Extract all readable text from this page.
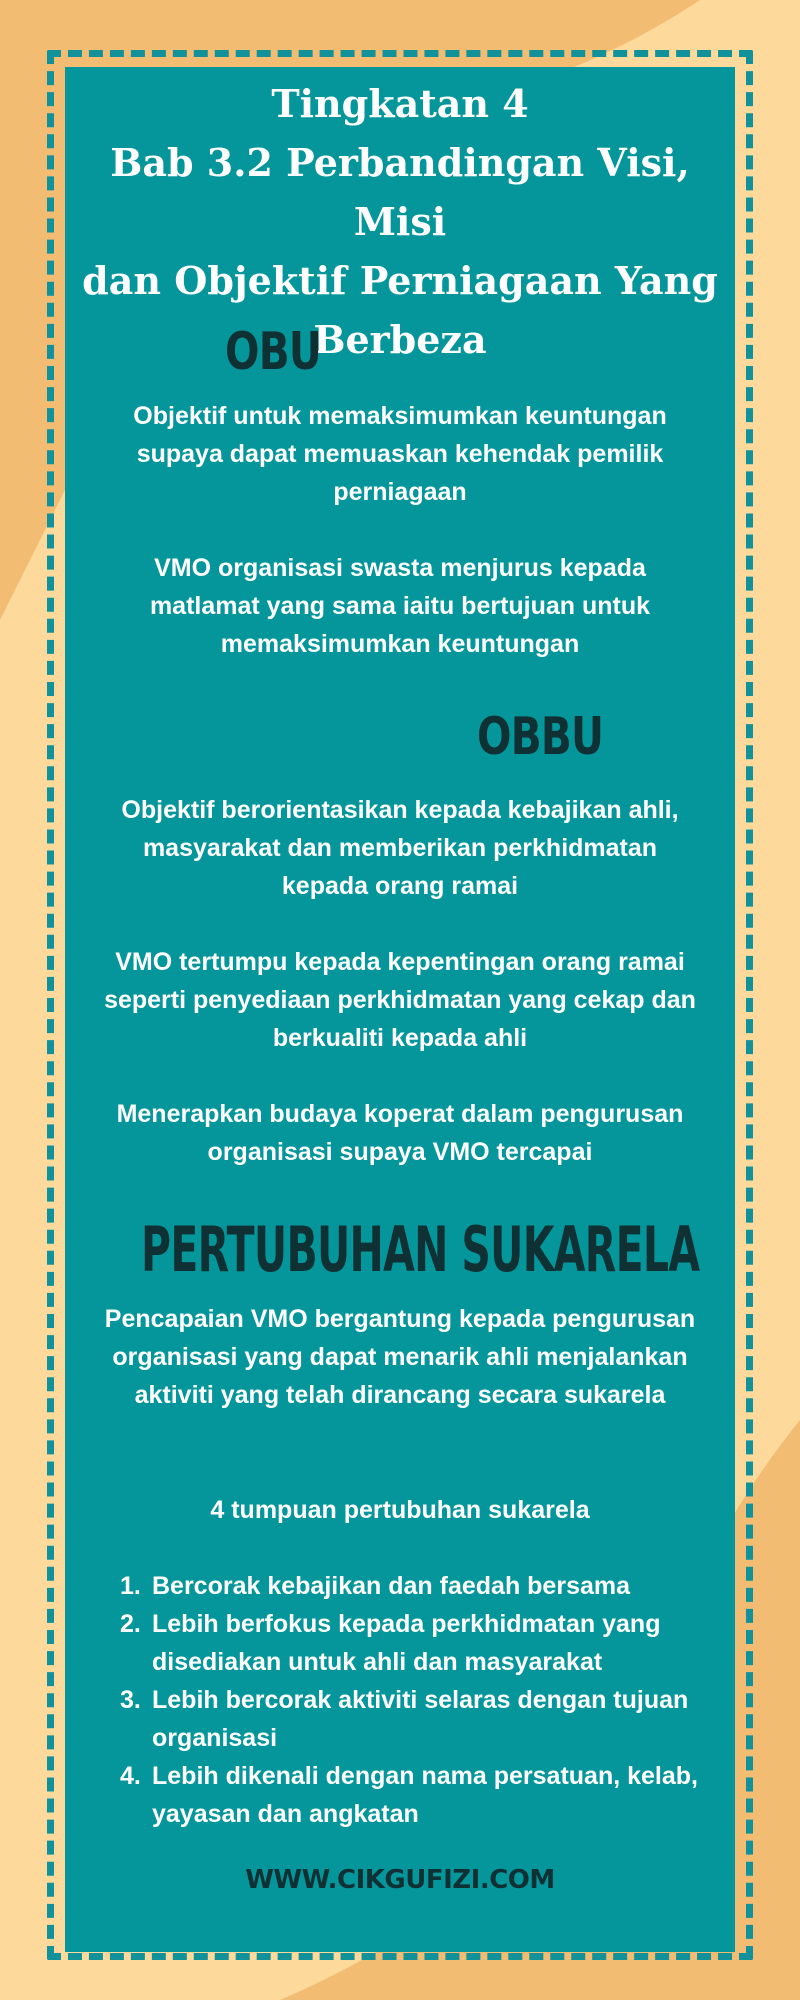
Tingkatan 4
Bab 3.2 Perbandingan Visi, Misi
dan Objektif Perniagaan Yang
Berbeza
OBU

Objektif untuk memaksimumkan keuntungan supaya dapat memuaskan kehendak pemilik perniagaan

VMO organisasi swasta menjurus kepada matlamat yang sama iaitu bertujuan untuk memaksimumkan keuntungan

OBBU

Objektif berorientasikan kepada kebajikan ahli, masyarakat dan memberikan perkhidmatan kepada orang ramai

VMO tertumpu kepada kepentingan orang ramai seperti penyediaan perkhidmatan yang cekap dan berkualiti kepada ahli

Menerapkan budaya koperat dalam pengurusan organisasi supaya VMO tercapai

PERTUBUHAN SUKARELA

Pencapaian VMO bergantung kepada pengurusan organisasi yang dapat menarik ahli menjalankan aktiviti yang telah dirancang secara sukarela

4 tumpuan pertubuhan sukarela

1. Bercorak kebajikan dan faedah bersama
2. Lebih berfokus kepada perkhidmatan yang disediakan untuk ahli dan masyarakat
3. Lebih bercorak aktiviti selaras dengan tujuan organisasi
4. Lebih dikenali dengan nama persatuan, kelab, yayasan dan angkatan
WWW.CIKGUFIZI.COM
